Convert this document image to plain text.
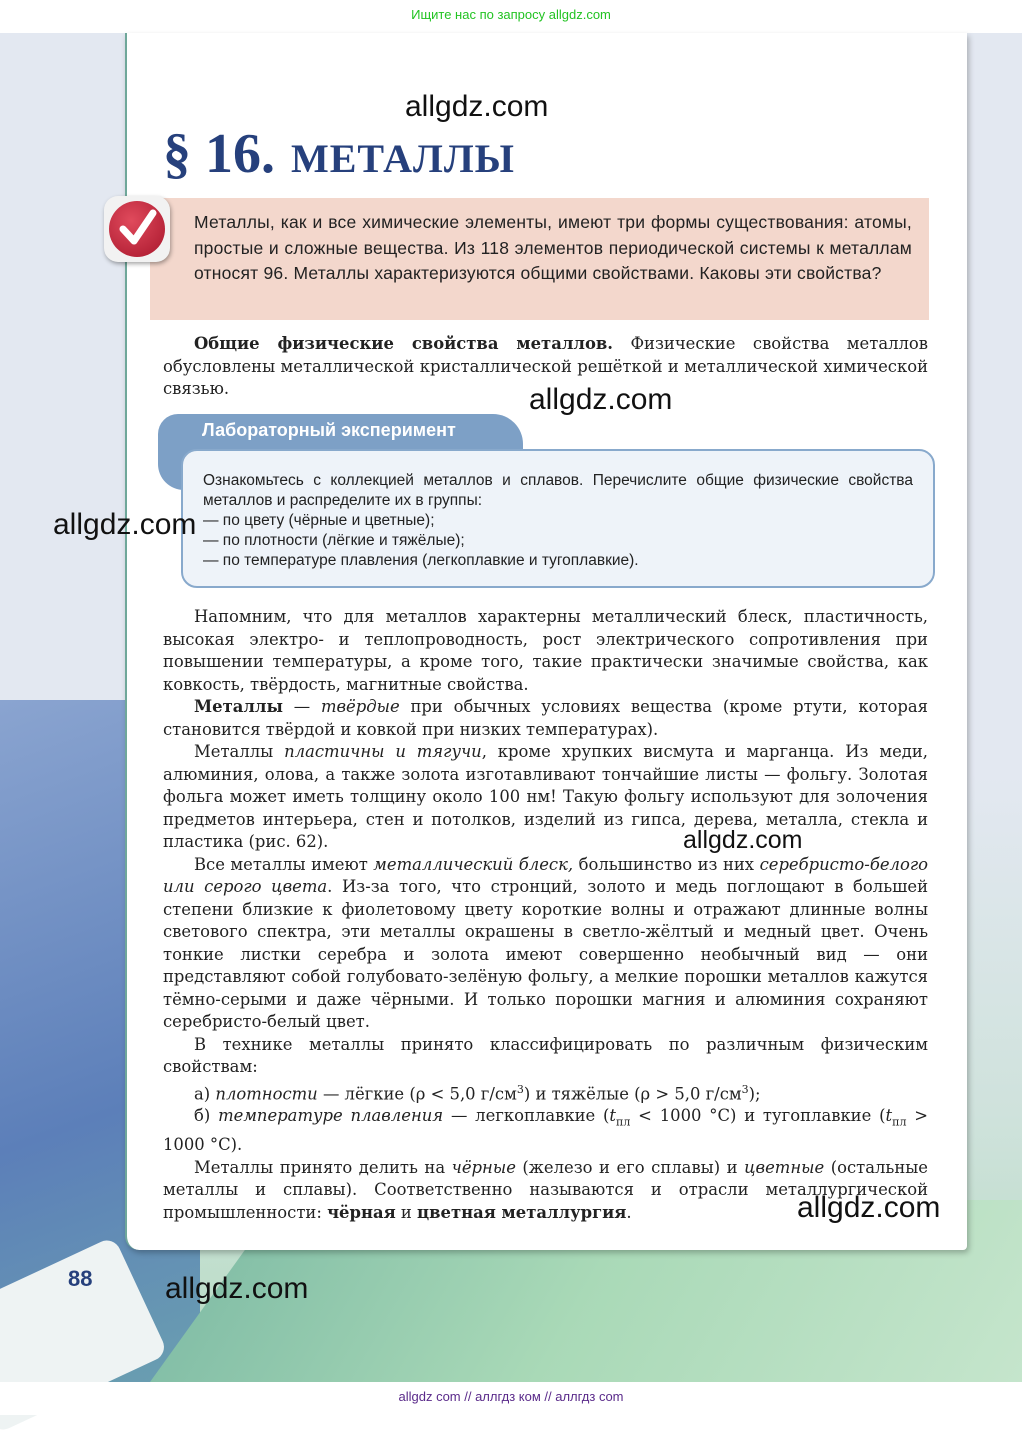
Ищите нас по запросу allgdz.com
§ 16. МЕТАЛЛЫ

Металлы, как и все химические элементы, имеют три формы существования: атомы, простые и сложные вещества. Из 118 элементов периодической системы к металлам относят 96. Металлы характеризуются общими свойствами. Каковы эти свойства?

Общие физические свойства металлов. Физические свойства металлов обусловлены металлической кристаллической решёткой и металлической химической связью.

Лабораторный эксперимент

Ознакомьтесь с коллекцией металлов и сплавов. Перечислите общие физические свойства металлов и распределите их в группы:

— по цвету (чёрные и цветные);
— по плотности (лёгкие и тяжёлые);
— по температуре плавления (легкоплавкие и тугоплавкие).

Напомним, что для металлов характерны металлический блеск, пластичность, высокая электро- и теплопроводность, рост электрического сопротивления при повышении температуры, а кроме того, такие практически значимые свойства, как ковкость, твёрдость, магнитные свойства.

Металлы — твёрдые при обычных условиях вещества (кроме ртути, которая становится твёрдой и ковкой при низких температурах).

Металлы пластичны и тягучи, кроме хрупких висмута и марганца. Из меди, алюминия, олова, а также золота изготавливают тончайшие листы — фольгу. Золотая фольга может иметь толщину около 100 нм! Такую фольгу используют для золочения предметов интерьера, стен и потолков, изделий из гипса, дерева, металла, стекла и пластика (рис. 62).

Все металлы имеют металлический блеск, большинство из них серебристо-белого или серого цвета. Из-за того, что стронций, золото и медь поглощают в большей степени близкие к фиолетовому цвету короткие волны и отражают длинные волны светового спектра, эти металлы окрашены в светло-жёлтый и медный цвет. Очень тонкие листки серебра и золота имеют совершенно необычный вид — они представляют собой голубовато-зелёную фольгу, а мелкие порошки металлов кажутся тёмно-серыми и даже чёрными. И только порошки магния и алюминия сохраняют серебристо-белый цвет.

В технике металлы принято классифицировать по различным физическим свойствам:

а) плотности — лёгкие (ρ < 5,0 $г/см^3$) и тяжёлые (ρ > 5,0 $г/см^3$);

б) температуре плавления — легкоплавкие ($t_{пл} < 1000$ °C) и тугоплавкие ($t_{пл} > 1000$ °C).

Металлы принято делить на чёрные (железо и его сплавы) и цветные (остальные металлы и сплавы). Соответственно называются и отрасли металлургической промышленности: чёрная и цветная металлургия.

88
allgdz.com
allgdz.com
allgdz.com
allgdz.com
allgdz.com
allgdz.com
allgdz com // аллгдз ком // аллгдз com
